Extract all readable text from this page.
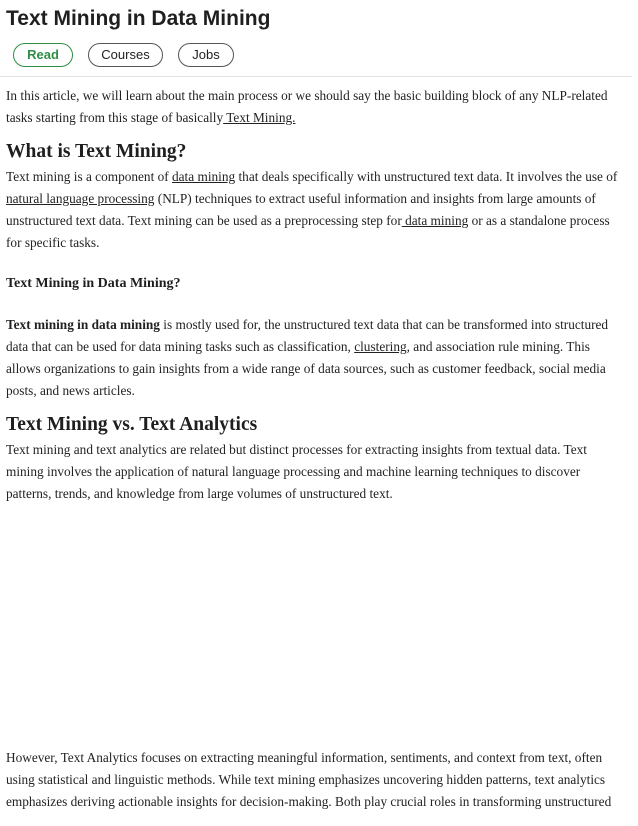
Text Mining in Data Mining
Read	Courses	Jobs

In this article, we will learn about the main process or we should say the basic building block of any NLP-related tasks starting from this stage of basically Text Mining.

What is Text Mining?

Text mining is a component of data mining that deals specifically with unstructured text data. It involves the use of natural language processing (NLP) techniques to extract useful information and insights from large amounts of unstructured text data. Text mining can be used as a preprocessing step for data mining or as a standalone process for specific tasks.

Text Mining in Data Mining?

Text mining in data mining is mostly used for, the unstructured text data that can be transformed into structured data that can be used for data mining tasks such as classification, clustering, and association rule mining. This allows organizations to gain insights from a wide range of data sources, such as customer feedback, social media posts, and news articles.

Text Mining vs. Text Analytics

Text mining and text analytics are related but distinct processes for extracting insights from textual data. Text mining involves the application of natural language processing and machine learning techniques to discover patterns, trends, and knowledge from large volumes of unstructured text.

However, Text Analytics focuses on extracting meaningful information, sentiments, and context from text, often using statistical and linguistic methods. While text mining emphasizes uncovering hidden patterns, text analytics emphasizes deriving actionable insights for decision-making. Both play crucial roles in transforming unstructured
